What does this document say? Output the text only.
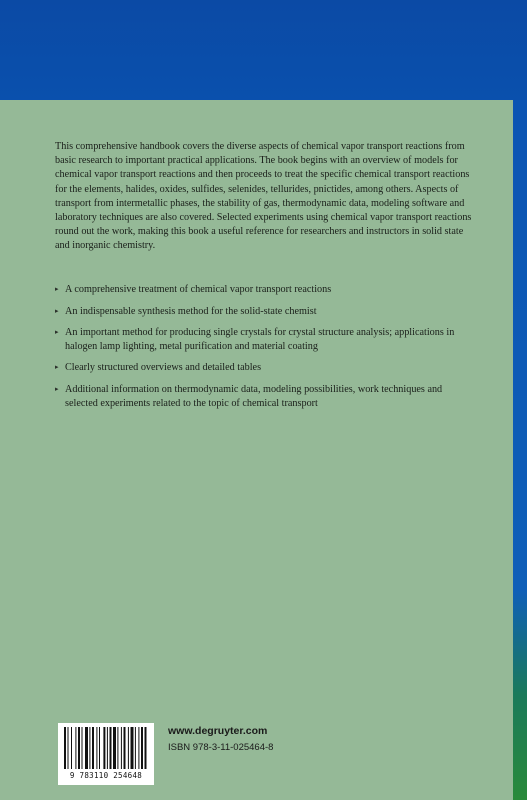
This comprehensive handbook covers the diverse aspects of chemical vapor transport reactions from basic research to important practical applications. The book begins with an overview of models for chemical vapor transport reactions and then proceeds to treat the specific chemical transport reactions for the elements, halides, oxides, sulfides, selenides, tellurides, pnictides, among others. Aspects of transport from intermetallic phases, the stability of gas, thermodynamic data, modeling software and laboratory techniques are also covered. Selected experiments using chemical vapor transport reactions round out the work, making this book a useful reference for researchers and instructors in solid state and inorganic chemistry.

▸ A comprehensive treatment of chemical vapor transport reactions
▸ An indispensable synthesis method for the solid-state chemist
▸ An important method for producing single crystals for crystal structure analysis; applications in halogen lamp lighting, metal purification and material coating
▸ Clearly structured overviews and detailed tables
▸ Additional information on thermodynamic data, modeling possibilities, work techniques and selected experiments related to the topic of chemical transport
9 783110 254648
www.degruyter.com
ISBN 978-3-11-025464-8
